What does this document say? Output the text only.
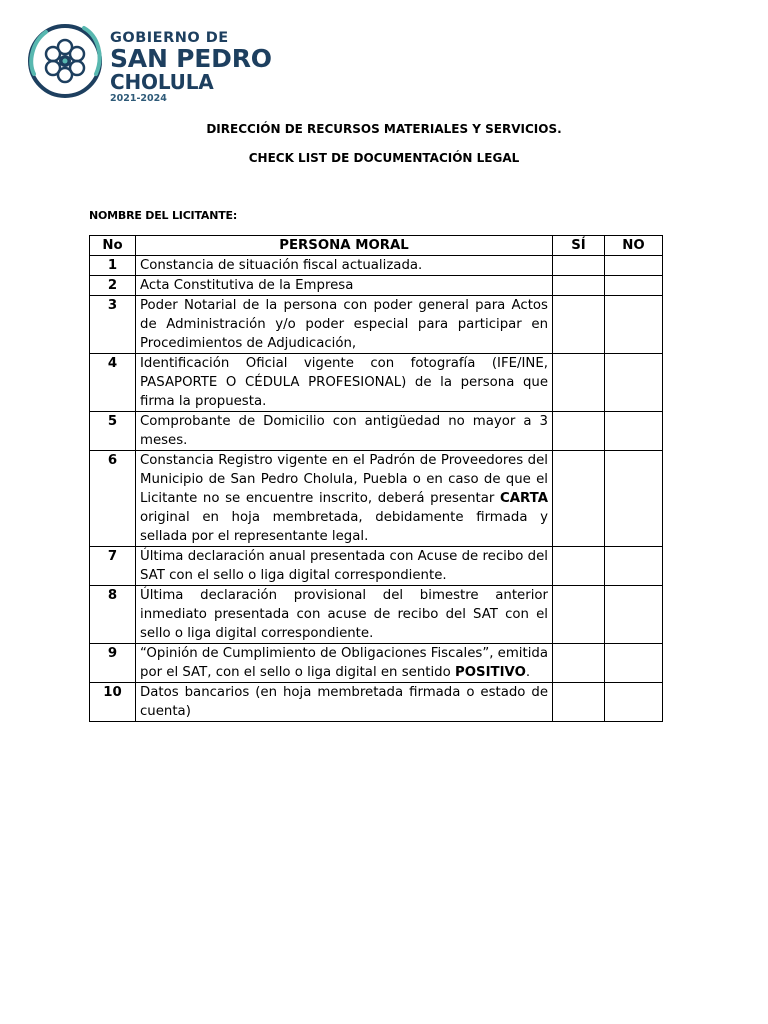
GOBIERNO DE
SAN PEDRO
CHOLULA
2021-2024
DIRECCIÓN DE RECURSOS MATERIALES Y SERVICIOS.
CHECK LIST DE DOCUMENTACIÓN LEGAL
NOMBRE DEL LICITANTE:
No	PERSONA MORAL	SÍ	NO
1	Constancia de situación fiscal actualizada.		
2	Acta Constitutiva de la Empresa		
3	Poder Notarial de la persona con poder general para Actos de Administración y/o poder especial para participar en Procedimientos de Adjudicación,		
4	Identificación Oficial vigente con fotografía (IFE/INE, PASAPORTE O CÉDULA PROFESIONAL) de la persona que firma la propuesta.		
5	Comprobante de Domicilio con antigüedad no mayor a 3 meses.		
6	Constancia Registro vigente en el Padrón de Proveedores del Municipio de San Pedro Cholula, Puebla o en caso de que el Licitante no se encuentre inscrito, deberá presentar CARTA original en hoja membretada, debidamente firmada y sellada por el representante legal.		
7	Última declaración anual presentada con Acuse de recibo del SAT con el sello o liga digital correspondiente.		
8	Última declaración provisional del bimestre anterior inmediato presentada con acuse de recibo del SAT con el sello o liga digital correspondiente.		
9	“Opinión de Cumplimiento de Obligaciones Fiscales”, emitida por el SAT, con el sello o liga digital en sentido POSITIVO.		
10	Datos bancarios (en hoja membretada firmada o estado de cuenta)		
